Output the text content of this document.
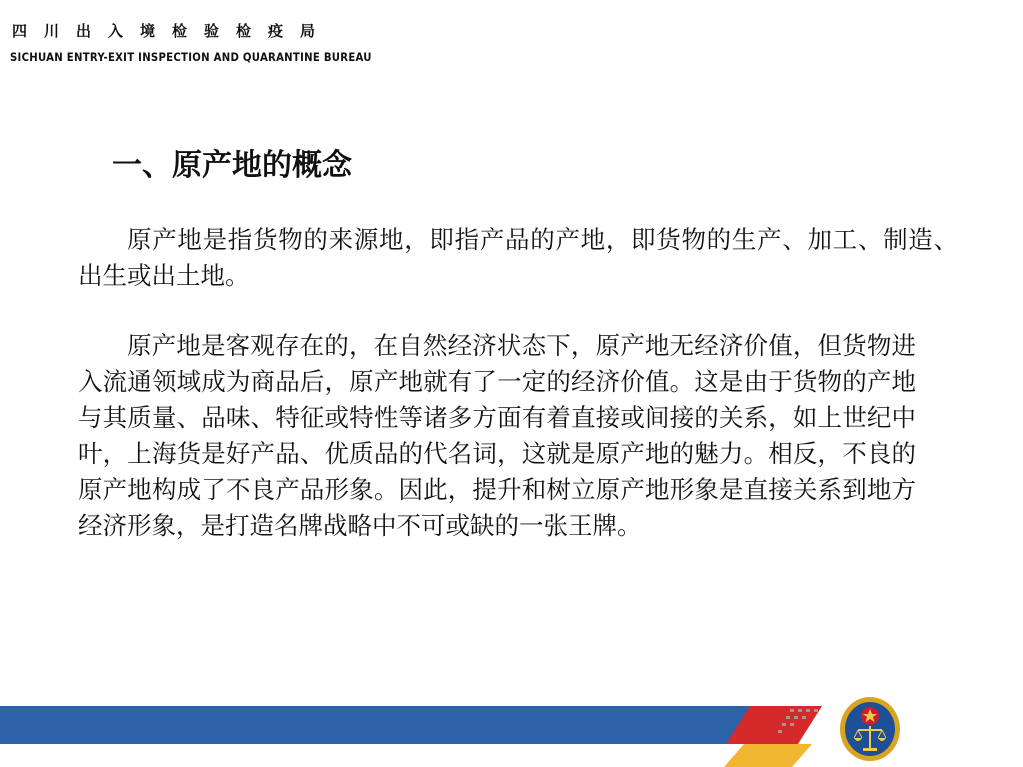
四川出入境检验检疫局
SICHUAN ENTRY-EXIT INSPECTION AND QUARANTINE BUREAU
一、原产地的概念

原产地是指货物的来源地，即指产品的产地，即货物的生产、加工、制造、出生或出土地。

原产地是客观存在的，在自然经济状态下，原产地无经济价值，但货物进入流通领域成为商品后，原产地就有了一定的经济价值。这是由于货物的产地与其质量、品味、特征或特性等诸多方面有着直接或间接的关系，如上世纪中叶，上海货是好产品、优质品的代名词，这就是原产地的魅力。相反，不良的原产地构成了不良产品形象。因此，提升和树立原产地形象是直接关系到地方经济形象，是打造名牌战略中不可或缺的一张王牌。
